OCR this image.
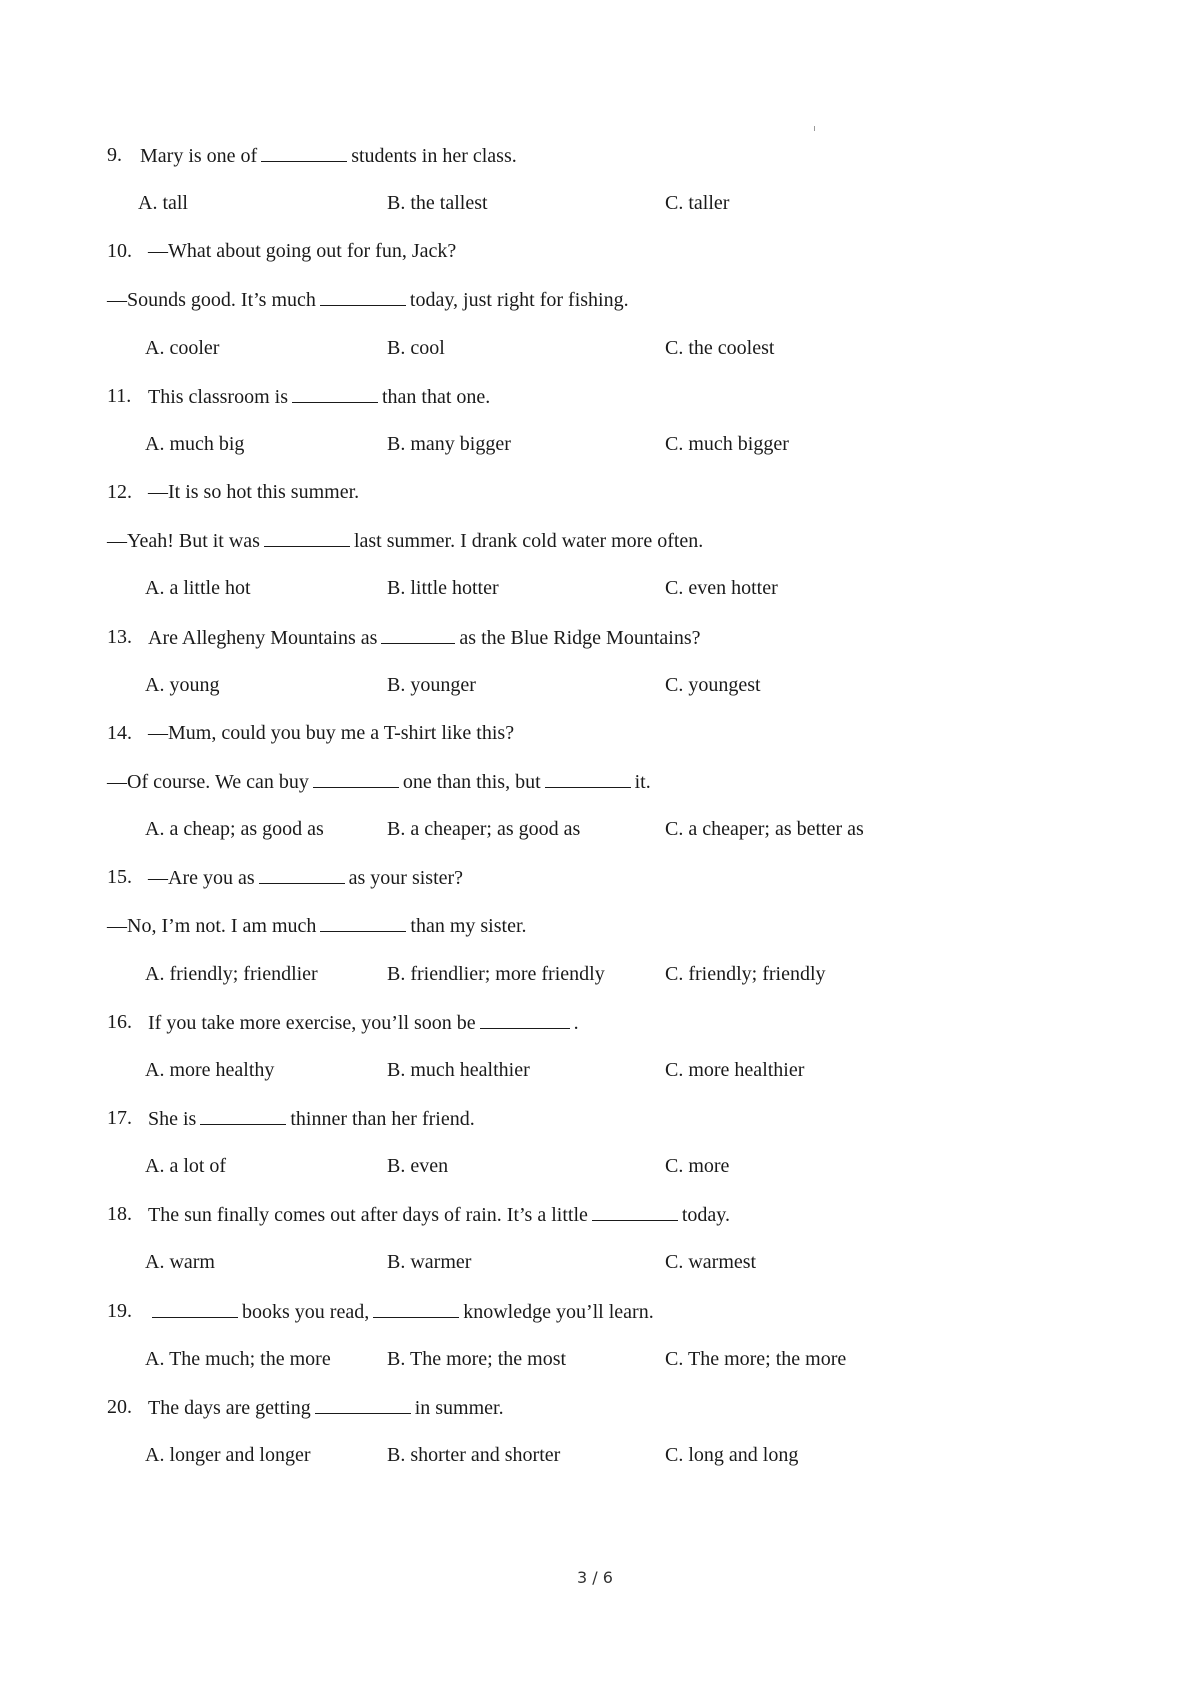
9. Mary is one of	students in her class.
A. tall	B. the tallest	C. taller
10. —What about going out for fun, Jack?
—Sounds good. It’s much	today, just right for fishing.
A. cooler	B. cool	C. the coolest
11. This classroom is	than that one.
A. much big	B. many bigger	C. much bigger
12. —It is so hot this summer.
—Yeah! But it was	last summer. I drank cold water more often.
A. a little hot	B. little hotter	C. even hotter
13. Are Allegheny Mountains as	as the Blue Ridge Mountains?
A. young	B. younger	C. youngest
14. —Mum, could you buy me a T-shirt like this?
—Of course. We can buy	one than this, but	it.
A. a cheap; as good as	B. a cheaper; as good as	C. a cheaper; as better as
15. —Are you as	as your sister?
—No, I’m not. I am much	than my sister.
A. friendly; friendlier	B. friendlier; more friendly	C. friendly; friendly
16. If you take more exercise, you’ll soon be	.
A. more healthy	B. much healthier	C. more healthier
17. She is	thinner than her friend.
A. a lot of	B. even	C. more
18. The sun finally comes out after days of rain. It’s a little	today.
A. warm	B. warmer	C. warmest
19.	books you read,	knowledge you’ll learn.
A. The much; the more	B. The more; the most	C. The more; the more
20. The days are getting	in summer.
A. longer and longer	B. shorter and shorter	C. long and long
3 / 6
